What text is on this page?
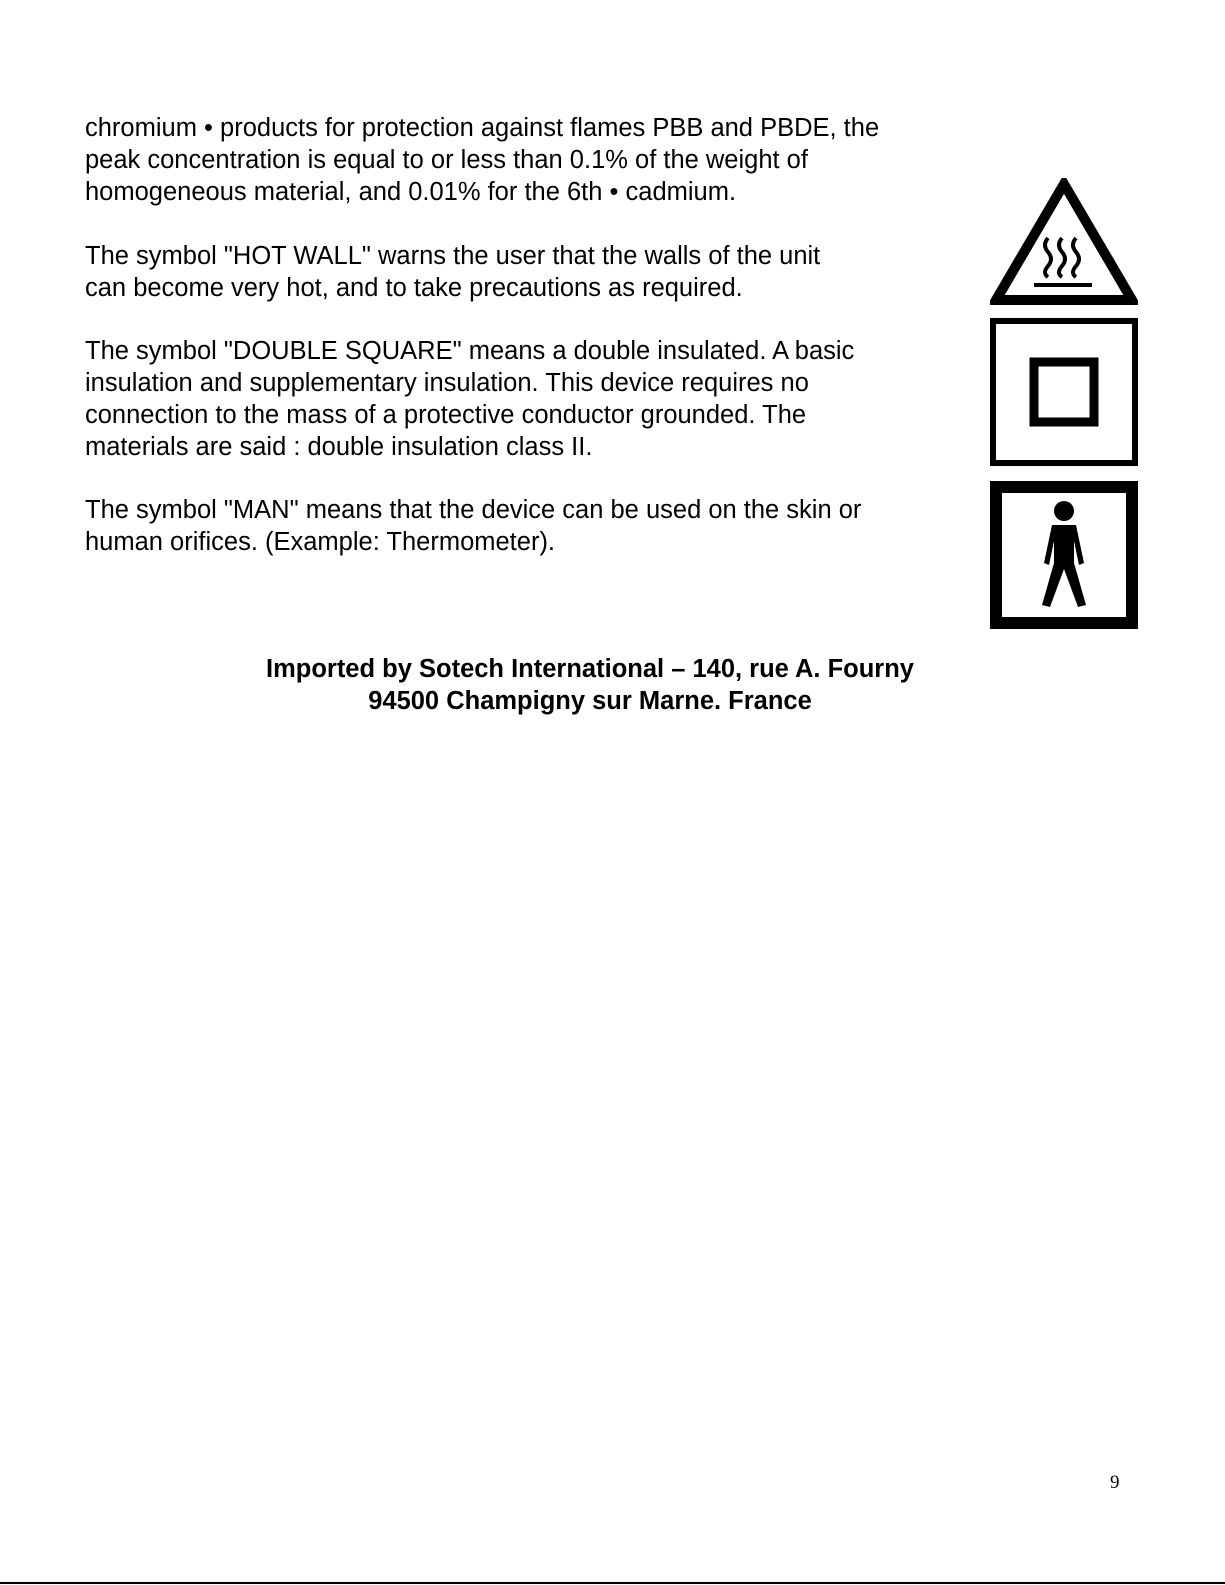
chromium • products for protection against flames PBB and PBDE, the
peak concentration is equal to or less than 0.1% of the weight of
homogeneous material, and 0.01% for the 6th • cadmium.

The symbol "HOT WALL" warns the user that the walls of the unit
can become very hot, and to take precautions as required.

The symbol "DOUBLE SQUARE" means a double insulated. A basic
insulation and supplementary insulation. This device requires no
connection to the mass of a protective conductor grounded. The
materials are said : double insulation class II.

The symbol "MAN" means that the device can be used on the skin or
human orifices. (Example: Thermometer).

Imported by Sotech International – 140, rue A. Fourny
94500 Champigny sur Marne. France
9
